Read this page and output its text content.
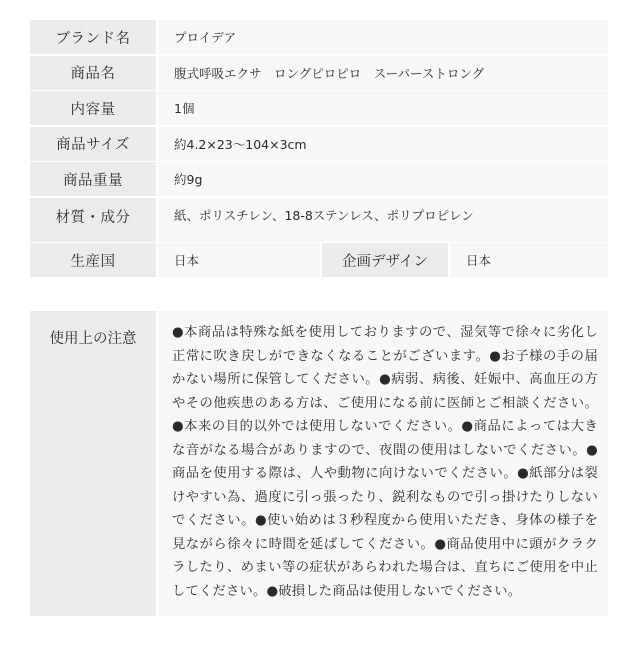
ブランド名	プロイデア
商品名	腹式呼吸エクサ　ロングピロピロ　スーパーストロング
内容量	1個
商品サイズ	約4.2×23〜104×3cm
商品重量	約9g
材質・成分	紙、ポリスチレン、18-8ステンレス、ポリプロピレン
生産国	日本	企画デザイン	日本
使用上の注意	●本商品は特殊な紙を使用しておりますので、湿気等で徐々に劣化し正常に吹き戻しができなくなることがございます。●お子様の手の届かない場所に保管してください。●病弱、病後、妊娠中、高血圧の方やその他疾患のある方は、ご使用になる前に医師とご相談ください。●本来の目的以外では使用しないでください。●商品によっては大きな音がなる場合がありますので、夜間の使用はしないでください。●商品を使用する際は、人や動物に向けないでください。●紙部分は裂けやすい為、過度に引っ張ったり、鋭利なもので引っ掛けたりしないでください。●使い始めは３秒程度から使用いただき、身体の様子を見ながら徐々に時間を延ばしてください。●商品使用中に頭がクラクラしたり、めまい等の症状があらわれた場合は、直ちにご使用を中止してください。●破損した商品は使用しないでください。
